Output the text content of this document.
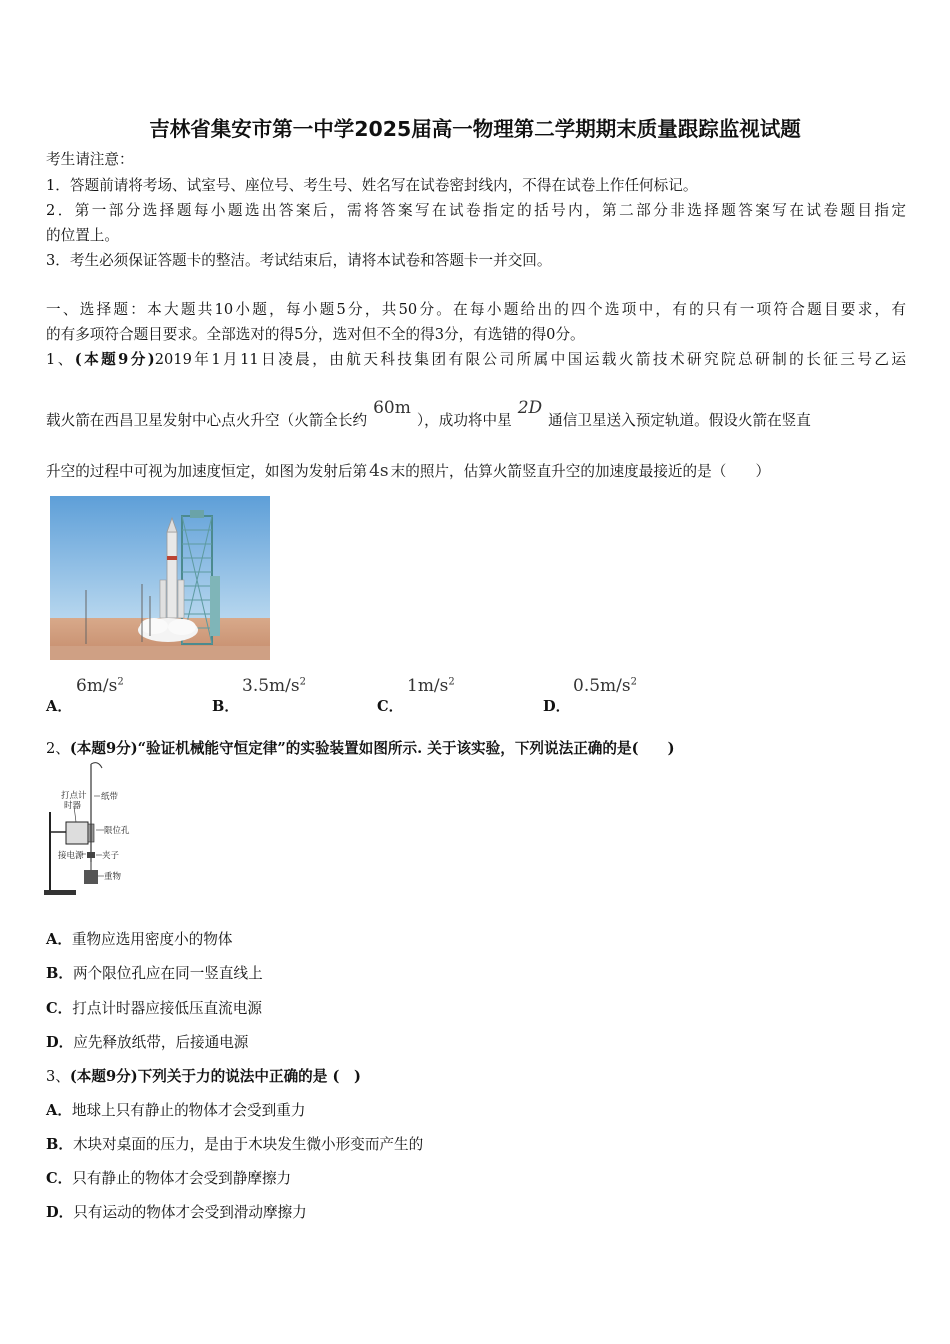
吉林省集安市第一中学2025届高一物理第二学期期末质量跟踪监视试题
考生请注意：
1．答题前请将考场、试室号、座位号、考生号、姓名写在试卷密封线内，不得在试卷上作任何标记。
2．第一部分选择题每小题选出答案后，需将答案写在试卷指定的括号内，第二部分非选择题答案写在试卷题目指定
的位置上。
3．考生必须保证答题卡的整洁。考试结束后，请将本试卷和答题卡一并交回。
一、选择题：本大题共10小题，每小题5分，共50分。在每小题给出的四个选项中，有的只有一项符合题目要求，有
的有多项符合题目要求。全部选对的得5分，选对但不全的得3分，有选错的得0分。
1、(本题9分)2019年1月11日凌晨，由航天科技集团有限公司所属中国运载火箭技术研究院总研制的长征三号乙运
载火箭在西昌卫星发射中心点火升空（火箭全长约60m），成功将中星2D通信卫星送入预定轨道。假设火箭在竖直
升空的过程中可视为加速度恒定，如图为发射后第 4s 末的照片，估算火箭竖直升空的加速度最接近的是（　　）
A．
$6m/s^2$
B．
$3.5m/s^2$
C．
$1m/s^2$
D．
$0.5m/s^2$
2、(本题9分)“验证机械能守恒定律”的实验装置如图所示. 关于该实验，下列说法正确的是(　　)
打点计
时器
纸带
限位孔
接电源 夹子
重物
A．重物应选用密度小的物体
B．两个限位孔应在同一竖直线上
C．打点计时器应接低压直流电源
D．应先释放纸带，后接通电源
3、(本题9分)下列关于力的说法中正确的是 (　)
A．地球上只有静止的物体才会受到重力
B．木块对桌面的压力，是由于木块发生微小形变而产生的
C．只有静止的物体才会受到静摩擦力
D．只有运动的物体才会受到滑动摩擦力
